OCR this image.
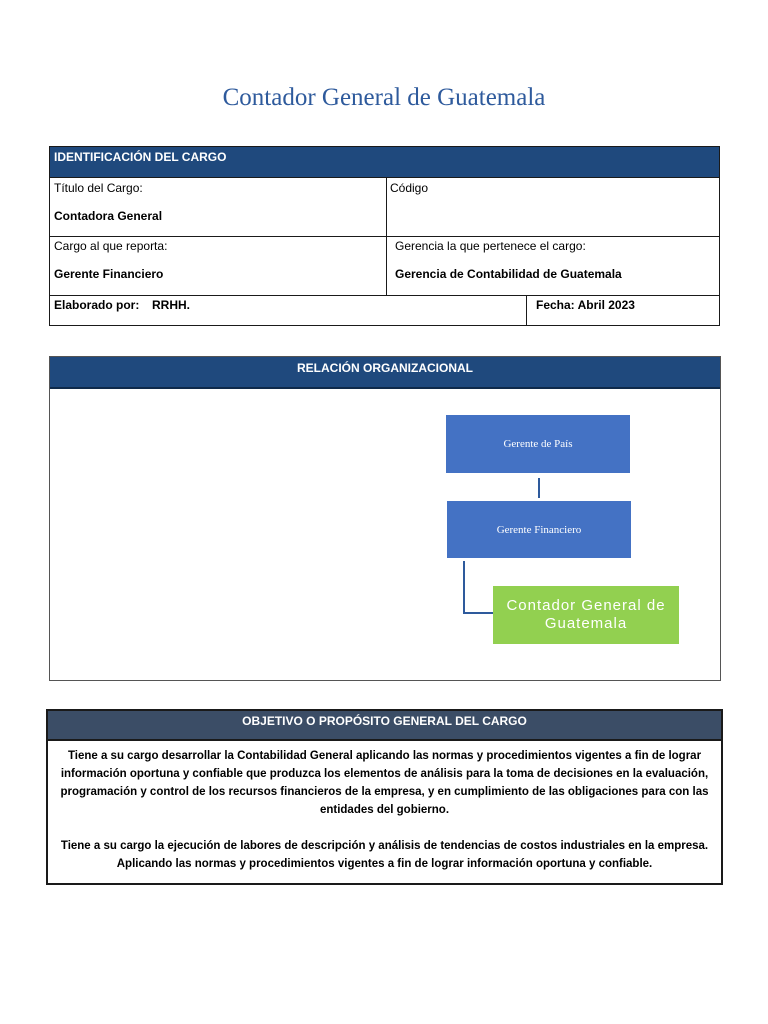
Contador General de Guatemala
IDENTIFICACIÓN DEL CARGO
Título del Cargo:
Contadora General
Código
Cargo al que reporta:
Gerente Financiero
Gerencia la que pertenece el cargo:
Gerencia de Contabilidad de Guatemala
Elaborado por: RRHH.	Fecha: Abril 2023
RELACIÓN ORGANIZACIONAL
Gerente de País
Gerente Financiero
Contador General de Guatemala
OBJETIVO O PROPÓSITO GENERAL DEL CARGO

Tiene a su cargo desarrollar la Contabilidad General aplicando las normas y procedimientos vigentes a fin de lograr información oportuna y confiable que produzca los elementos de análisis para la toma de decisiones en la evaluación, programación y control de los recursos financieros de la empresa, y en cumplimiento de las obligaciones para con las entidades del gobierno.

Tiene a su cargo la ejecución de labores de descripción y análisis de tendencias de costos industriales en la empresa. Aplicando las normas y procedimientos vigentes a fin de lograr información oportuna y confiable.
